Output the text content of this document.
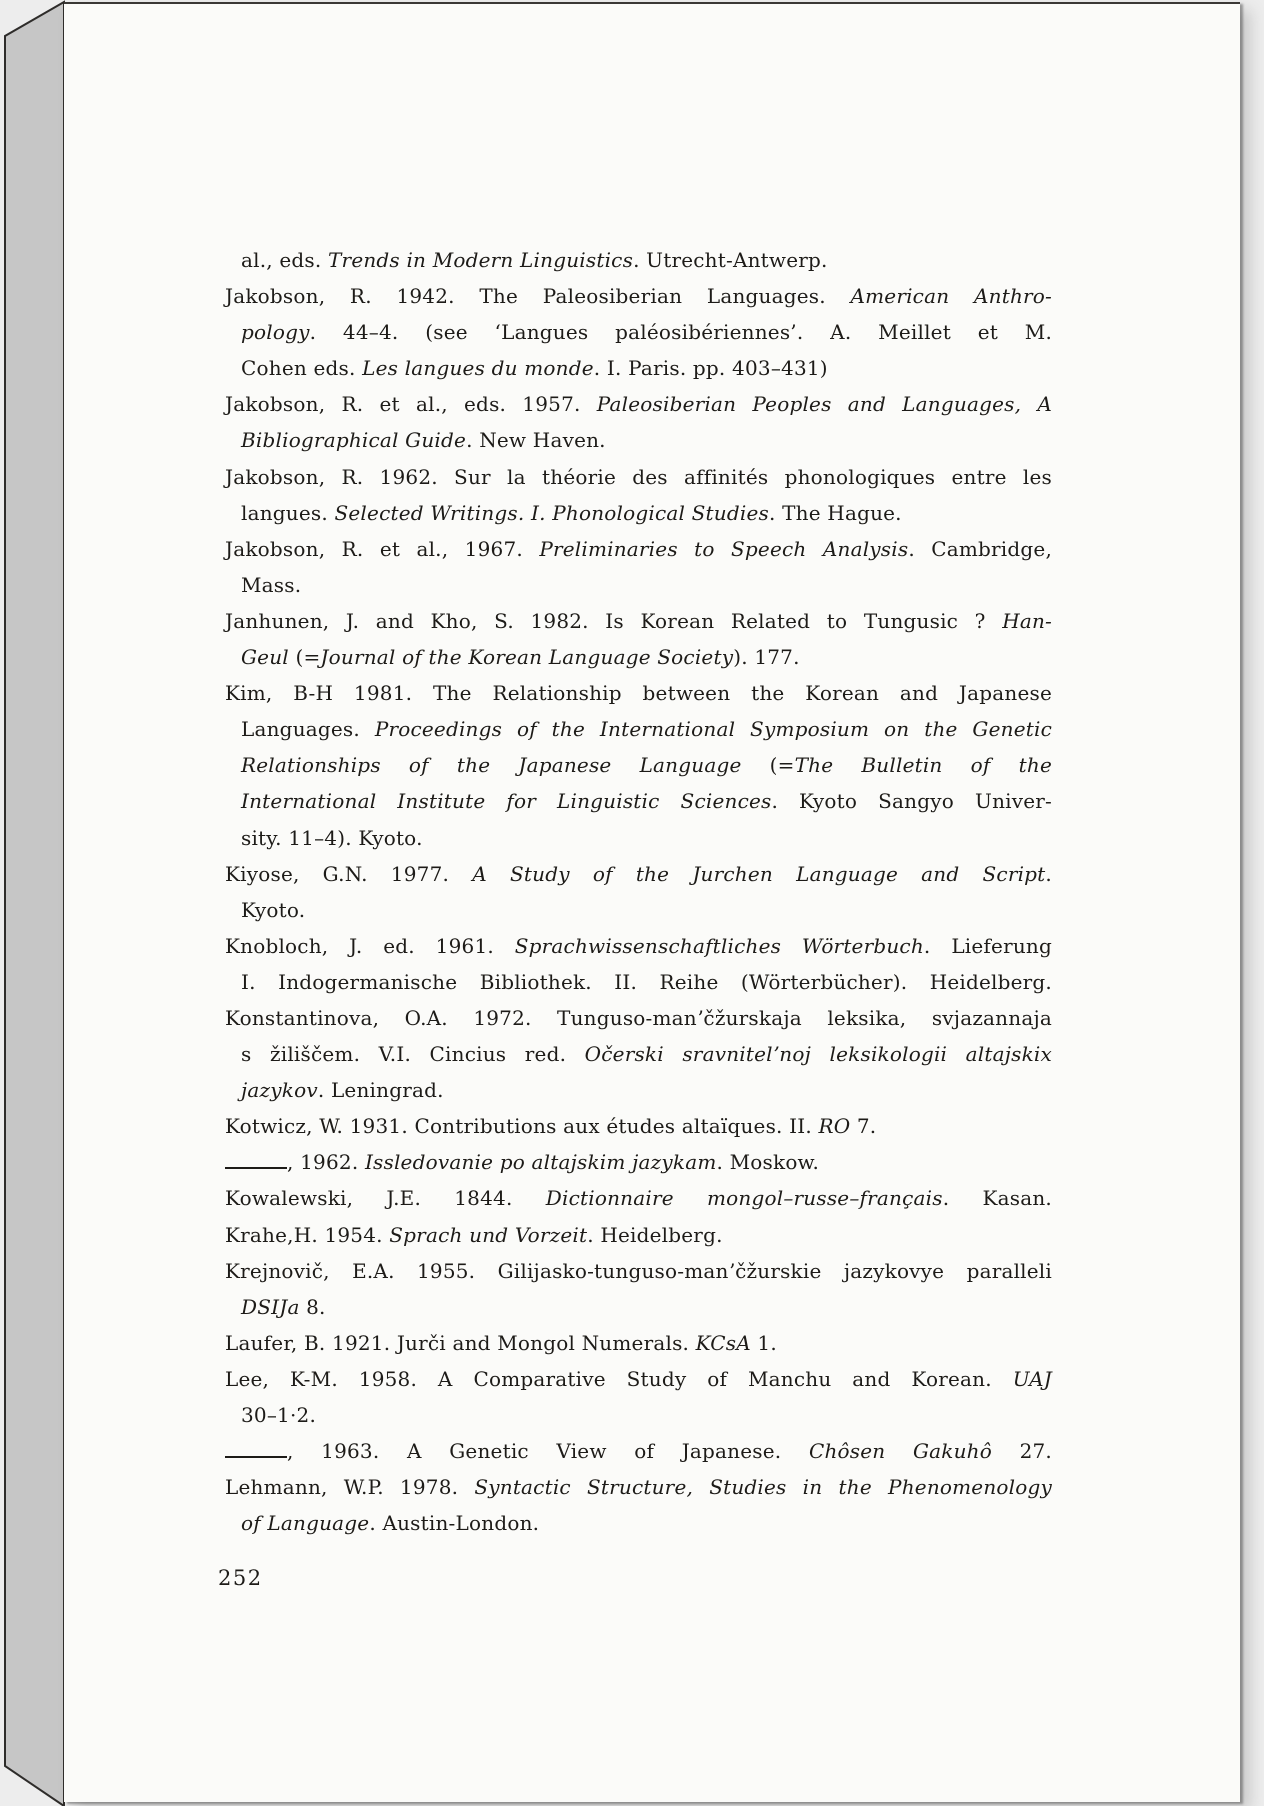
al., eds. Trends in Modern Linguistics. Utrecht-Antwerp.
Jakobson, R. 1942. The Paleosiberian Languages. American Anthro-
pology. 44–4. (see ‘Langues paléosibériennes’. A. Meillet et M.
Cohen eds. Les langues du monde. I. Paris. pp. 403–431)
Jakobson, R. et al., eds. 1957. Paleosiberian Peoples and Languages, A
Bibliographical Guide. New Haven.
Jakobson, R. 1962. Sur la théorie des affinités phonologiques entre les
langues. Selected Writings. I. Phonological Studies. The Hague.
Jakobson, R. et al., 1967. Preliminaries to Speech Analysis. Cambridge,
Mass.
Janhunen, J. and Kho, S. 1982. Is Korean Related to Tungusic ? Han-
Geul (=Journal of the Korean Language Society). 177.
Kim, B-H 1981. The Relationship between the Korean and Japanese
Languages. Proceedings of the International Symposium on the Genetic
Relationships of the Japanese Language (=The Bulletin of the
International Institute for Linguistic Sciences. Kyoto Sangyo Univer-
sity. 11–4). Kyoto.
Kiyose, G.N. 1977. A Study of the Jurchen Language and Script.
Kyoto.
Knobloch, J. ed. 1961. Sprachwissenschaftliches Wörterbuch. Lieferung
I. Indogermanische Bibliothek. II. Reihe (Wörterbücher). Heidelberg.
Konstantinova, O.A. 1972. Tunguso-manʼčžurskaja leksika, svjazannaja
s žiliščem. V.I. Cincius red. Očerski sravnitelʼnoj leksikologii altajskix
jazykov. Leningrad.
Kotwicz, W. 1931. Contributions aux études altaïques. II. RO 7.
, 1962. Issledovanie po altajskim jazykam. Moskow.
Kowalewski, J.E. 1844. Dictionnaire mongol–russe–français. Kasan.
Krahe,H. 1954. Sprach und Vorzeit. Heidelberg.
Krejnovič, E.A. 1955. Gilijasko-tunguso-manʼčžurskie jazykovye paralleli
DSIJa 8.
Laufer, B. 1921. Jurči and Mongol Numerals. KCsA 1.
Lee, K-M. 1958. A Comparative Study of Manchu and Korean. UAJ
30–1·2.
, 1963. A Genetic View of Japanese. Chôsen Gakuhô 27.
Lehmann, W.P. 1978. Syntactic Structure, Studies in the Phenomenology
of Language. Austin-London.
252
